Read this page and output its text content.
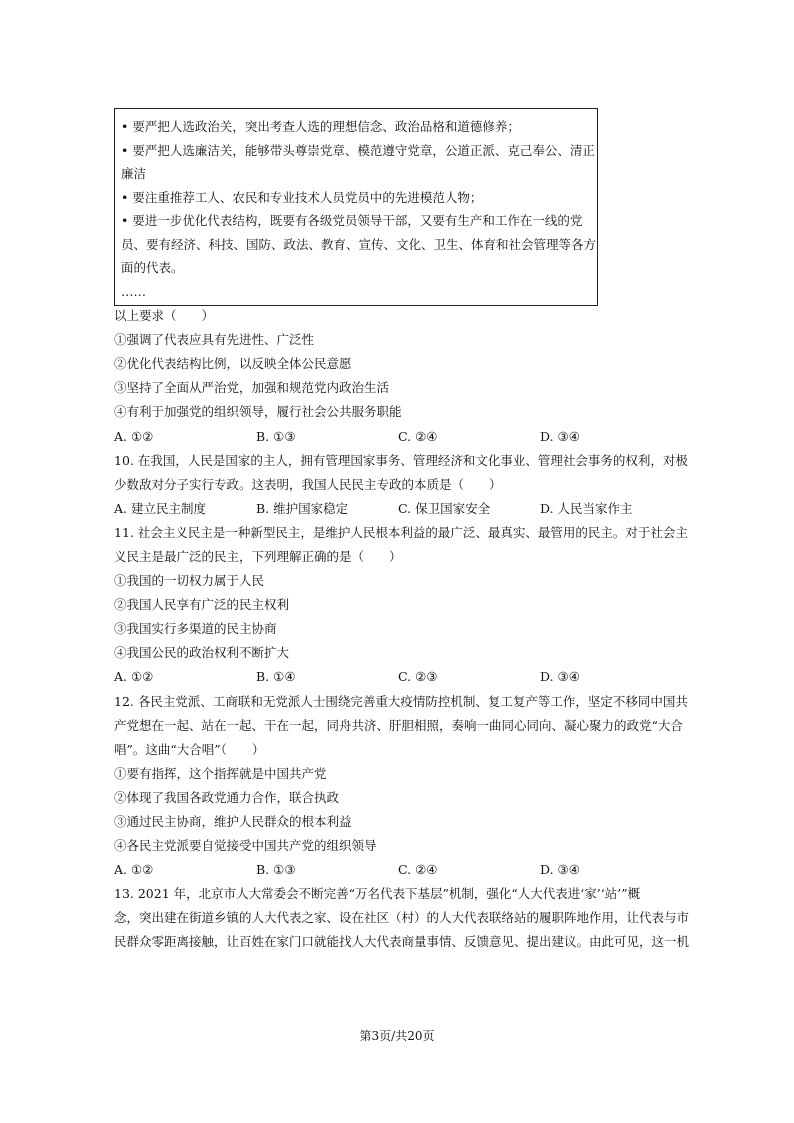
• 要严把人选政治关，突出考查人选的理想信念、政治品格和道德修养；
• 要严把人选廉洁关，能够带头尊崇党章、模范遵守党章，公道正派、克己奉公、清正
廉洁
• 要注重推荐工人、农民和专业技术人员党员中的先进模范人物；
• 要进一步优化代表结构，既要有各级党员领导干部，又要有生产和工作在一线的党
员、要有经济、科技、国防、政法、教育、宣传、文化、卫生、体育和社会管理等各方
面的代表。
……
以上要求（　　）
①强调了代表应具有先进性、广泛性
②优化代表结构比例，以反映全体公民意愿
③坚持了全面从严治党，加强和规范党内政治生活
④有利于加强党的组织领导，履行社会公共服务职能
A. ①②	B. ①③	C. ②④	D. ③④
10. 在我国，人民是国家的主人，拥有管理国家事务、管理经济和文化事业、管理社会事务的权利，对极
少数敌对分子实行专政。这表明，我国人民民主专政的本质是（　　）
A. 建立民主制度	B. 维护国家稳定	C. 保卫国家安全	D. 人民当家作主
11. 社会主义民主是一种新型民主，是维护人民根本利益的最广泛、最真实、最管用的民主。对于社会主
义民主是最广泛的民主，下列理解正确的是（　　）
①我国的一切权力属于人民
②我国人民享有广泛的民主权利
③我国实行多渠道的民主协商
④我国公民的政治权利不断扩大
A. ①②	B. ①④	C. ②③	D. ③④
12. 各民主党派、工商联和无党派人士围绕完善重大疫情防控机制、复工复产等工作，坚定不移同中国共
产党想在一起、站在一起、干在一起，同舟共济、肝胆相照，奏响一曲同心同向、凝心聚力的政党“大合
唱”。这曲“大合唱”（　　）
①要有指挥，这个指挥就是中国共产党
②体现了我国各政党通力合作，联合执政
③通过民主协商，维护人民群众的根本利益
④各民主党派要自觉接受中国共产党的组织领导
A. ①②	B. ①③	C. ②④	D. ③④
13. 2021 年，北京市人大常委会不断完善“万名代表下基层”机制，强化“人大代表进‘家’‘站’”概
念，突出建在街道乡镇的人大代表之家、设在社区（村）的人大代表联络站的履职阵地作用，让代表与市
民群众零距离接触，让百姓在家门口就能找人大代表商量事情、反馈意见、提出建议。由此可见，这一机
第3页/共20页
